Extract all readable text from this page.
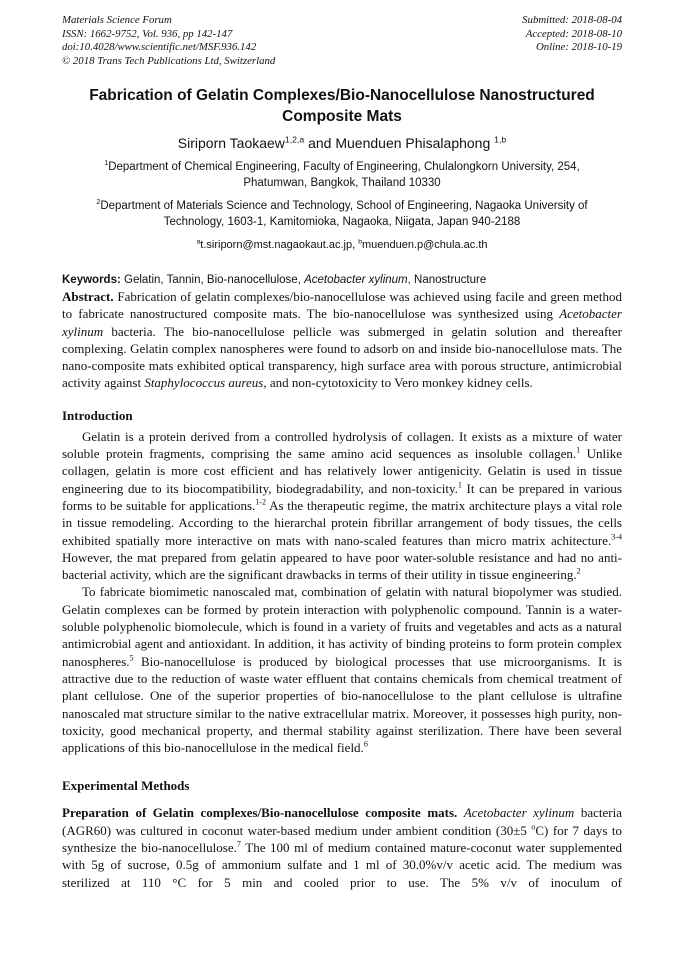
Materials Science Forum
ISSN: 1662-9752, Vol. 936, pp 142-147
doi:10.4028/www.scientific.net/MSF.936.142
© 2018 Trans Tech Publications Ltd, Switzerland
Submitted: 2018-08-04
Accepted: 2018-08-10
Online: 2018-10-19
Fabrication of Gelatin Complexes/Bio-Nanocellulose Nanostructured
Composite Mats
Siriporn Taokaew$^{1,2,a}$ and Muenduen Phisalaphong $^{1,b}$
$^1$Department of Chemical Engineering, Faculty of Engineering, Chulalongkorn University, 254, Phatumwan, Bangkok, Thailand 10330
$^2$Department of Materials Science and Technology, School of Engineering, Nagaoka University of Technology, 1603-1, Kamitomioka, Nagaoka, Niigata, Japan 940-2188
$^a$t.siriporn@mst.nagaokaut.ac.jp, $^b$muenduen.p@chula.ac.th
Keywords: Gelatin, Tannin, Bio-nanocellulose, Acetobacter xylinum, Nanostructure

Abstract. Fabrication of gelatin complexes/bio-nanocellulose was achieved using facile and green method to fabricate nanostructured composite mats. The bio-nanocellulose was synthesized using Acetobacter xylinum bacteria. The bio-nanocellulose pellicle was submerged in gelatin solution and thereafter complexing. Gelatin complex nanospheres were found to adsorb on and inside bio-nanocellulose mats. The nano-composite mats exhibited optical transparency, high surface area with porous structure, antimicrobial activity against Staphylococcus aureus, and non-cytotoxicity to Vero monkey kidney cells.

Introduction

Gelatin is a protein derived from a controlled hydrolysis of collagen. It exists as a mixture of water soluble protein fragments, comprising the same amino acid sequences as insoluble collagen.$^1$ Unlike collagen, gelatin is more cost efficient and has relatively lower antigenicity. Gelatin is used in tissue engineering due to its biocompatibility, biodegradability, and non-toxicity.$^1$ It can be prepared in various forms to be suitable for applications.$^{1-2}$ As the therapeutic regime, the matrix architecture plays a vital role in tissue remodeling. According to the hierarchal protein fibrillar arrangement of body tissues, the cells exhibited spatially more interactive on mats with nano-scaled features than micro matrix achitecture.$^{3-4}$ However, the mat prepared from gelatin appeared to have poor water-soluble resistance and had no anti-bacterial activity, which are the significant drawbacks in terms of their utility in tissue engineering.$^2$

To fabricate biomimetic nanoscaled mat, combination of gelatin with natural biopolymer was studied. Gelatin complexes can be formed by protein interaction with polyphenolic compound. Tannin is a water-soluble polyphenolic biomolecule, which is found in a variety of fruits and vegetables and acts as a natural antimicrobial agent and antioxidant. In addition, it has activity of binding proteins to form protein complex nanospheres.$^5$ Bio-nanocellulose is produced by biological processes that use microorganisms. It is attractive due to the reduction of waste water effluent that contains chemicals from chemical treatment of plant cellulose. One of the superior properties of bio-nanocellulose to the plant cellulose is ultrafine nanoscaled mat structure similar to the native extracellular matrix. Moreover, it possesses high purity, non-toxicity, good mechanical property, and thermal stability against sterilization. There have been several applications of this bio-nanocellulose in the medical field.$^6$

Experimental Methods

Preparation of Gelatin complexes/Bio-nanocellulose composite mats. Acetobacter xylinum bacteria (AGR60) was cultured in coconut water-based medium under ambient condition (30±5 $^o$C) for 7 days to synthesize the bio-nanocellulose.$^7$ The 100 ml of medium contained mature-coconut water supplemented with 5g of sucrose, 0.5g of ammonium sulfate and 1 ml of 30.0%v/v acetic acid. The medium was sterilized at 110 °C for 5 min and cooled prior to use. The 5% v/v of inoculum of
